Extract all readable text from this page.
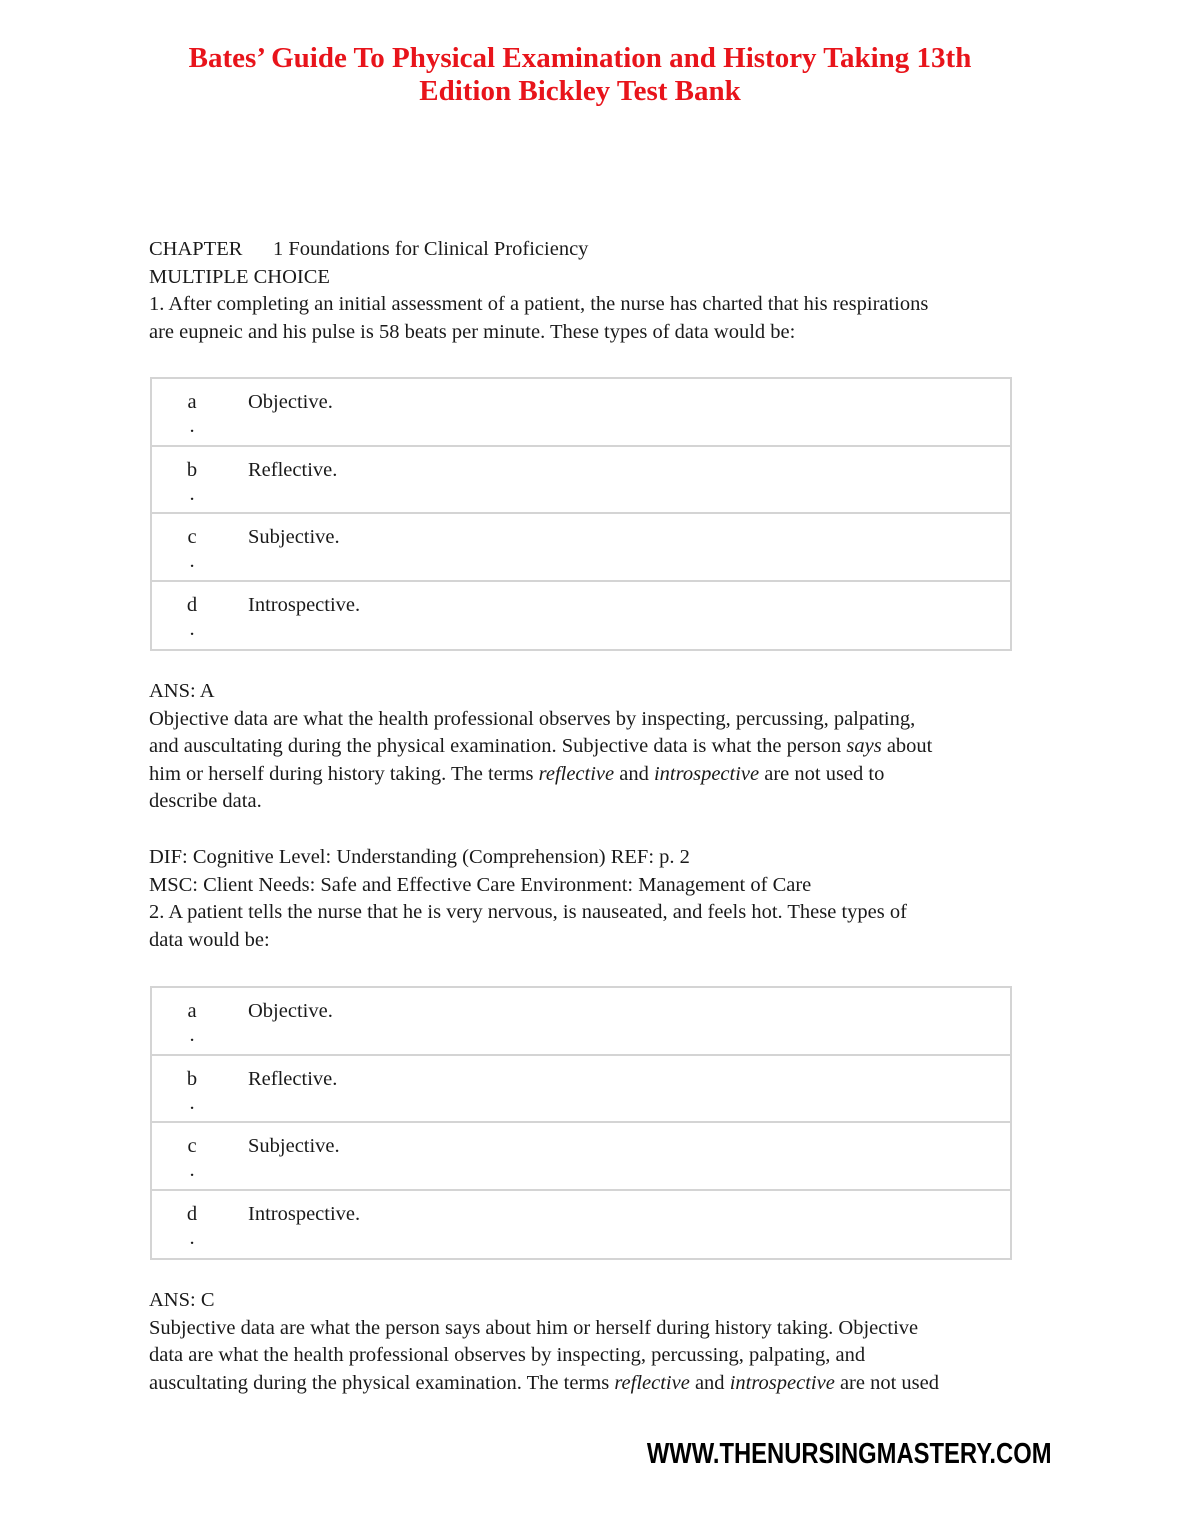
Bates’ Guide To Physical Examination and History Taking 13th
Edition Bickley Test Bank

CHAPTER 1 Foundations for Clinical Proficiency

MULTIPLE CHOICE

1. After completing an initial assessment of a patient, the nurse has charted that his respirations

are eupneic and his pulse is 58 beats per minute. These types of data would be:

a
.
Objective.
b
.
Reflective.
c
.
Subjective.
d
.
Introspective.

ANS: A

Objective data are what the health professional observes by inspecting, percussing, palpating,

and auscultating during the physical examination. Subjective data is what the person says about

him or herself during history taking. The terms reflective and introspective are not used to

describe data.

DIF: Cognitive Level: Understanding (Comprehension) REF: p. 2

MSC: Client Needs: Safe and Effective Care Environment: Management of Care

2. A patient tells the nurse that he is very nervous, is nauseated, and feels hot. These types of

data would be:

a
.
Objective.
b
.
Reflective.
c
.
Subjective.
d
.
Introspective.

ANS: C

Subjective data are what the person says about him or herself during history taking. Objective

data are what the health professional observes by inspecting, percussing, palpating, and

auscultating during the physical examination. The terms reflective and introspective are not used

WWW.THENURSINGMASTERY.COM
